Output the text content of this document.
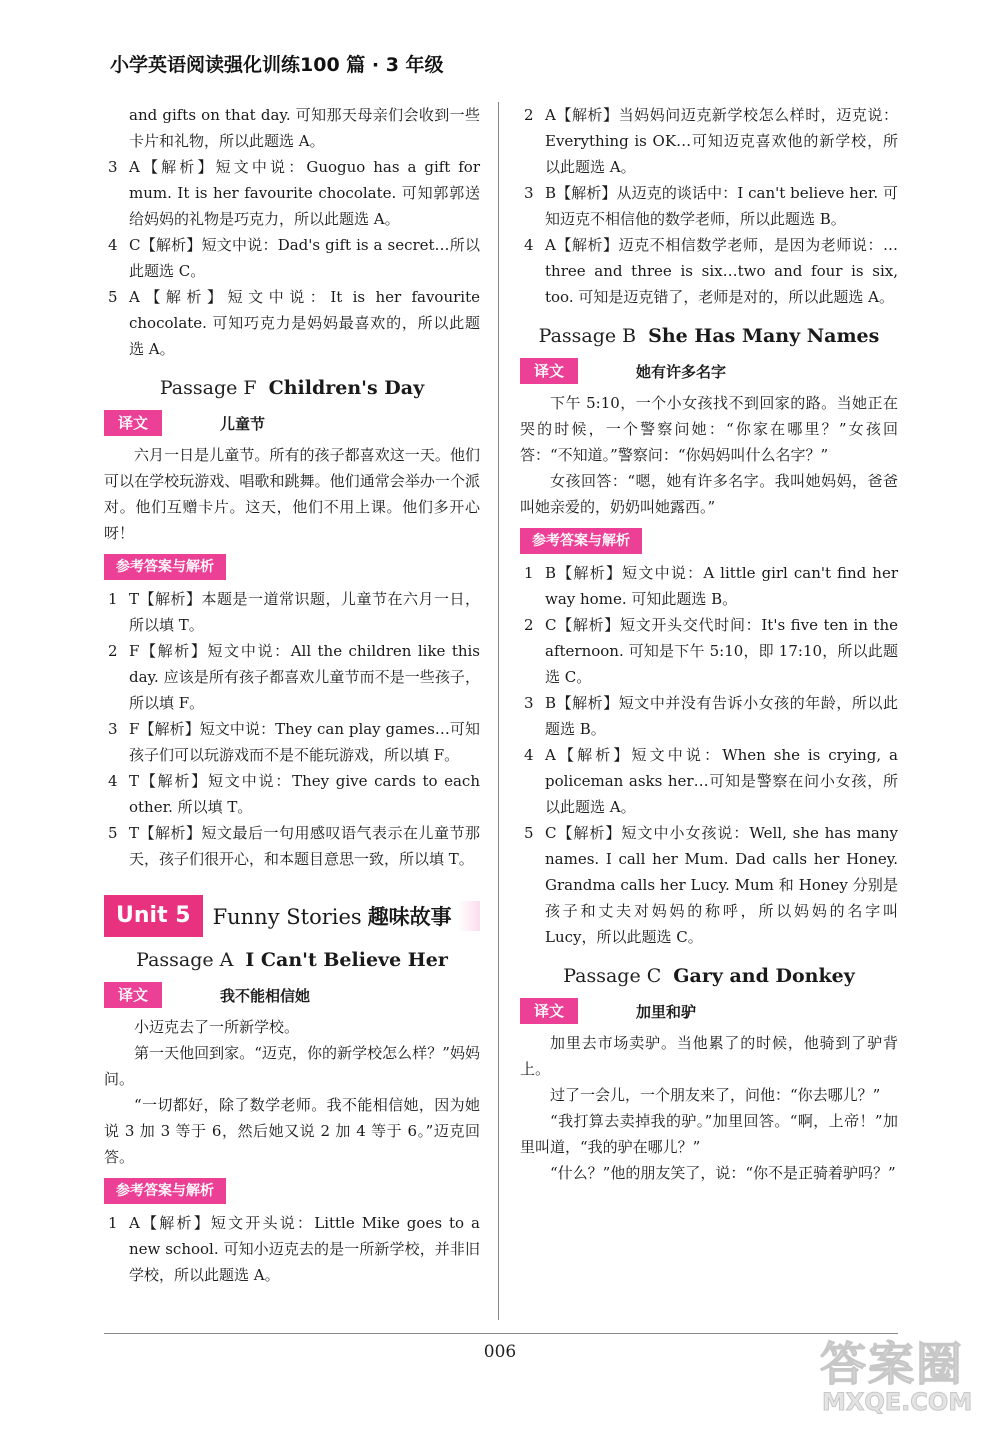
小学英语阅读强化训练100 篇 · 3 年级

and gifts on that day. 可知那天母亲们会收到一些卡片和礼物，所以此题选 A。

3 A【解析】短文中说：Guoguo has a gift for mum. It is her favourite chocolate. 可知郭郭送给妈妈的礼物是巧克力，所以此题选 A。

4 C【解析】短文中说：Dad's gift is a secret…所以此题选 C。

5 A【解析】短文中说：It is her favourite chocolate. 可知巧克力是妈妈最喜欢的，所以此题选 A。

Passage F Children's Day
译文	儿童节

六月一日是儿童节。所有的孩子都喜欢这一天。他们可以在学校玩游戏、唱歌和跳舞。他们通常会举办一个派对。他们互赠卡片。这天，他们不用上课。他们多开心呀！

参考答案与解析

1 T【解析】本题是一道常识题，儿童节在六月一日，所以填 T。

2 F【解析】短文中说：All the children like this day. 应该是所有孩子都喜欢儿童节而不是一些孩子，所以填 F。

3 F【解析】短文中说：They can play games…可知孩子们可以玩游戏而不是不能玩游戏，所以填 F。

4 T【解析】短文中说：They give cards to each other. 所以填 T。

5 T【解析】短文最后一句用感叹语气表示在儿童节那天，孩子们很开心，和本题目意思一致，所以填 T。

Unit 5	Funny Stories 趣味故事
Passage A I Can't Believe Her
译文	我不能相信她

小迈克去了一所新学校。

第一天他回到家。“迈克，你的新学校怎么样？”妈妈问。

“一切都好，除了数学老师。我不能相信她，因为她说 3 加 3 等于 6，然后她又说 2 加 4 等于 6。”迈克回答。

参考答案与解析

1 A【解析】短文开头说：Little Mike goes to a new school. 可知小迈克去的是一所新学校，并非旧学校，所以此题选 A。

2 A【解析】当妈妈问迈克新学校怎么样时，迈克说：Everything is OK…可知迈克喜欢他的新学校，所以此题选 A。

3 B【解析】从迈克的谈话中：I can't believe her. 可知迈克不相信他的数学老师，所以此题选 B。

4 A【解析】迈克不相信数学老师，是因为老师说：…three and three is six…two and four is six, too. 可知是迈克错了，老师是对的，所以此题选 A。

Passage B She Has Many Names
译文	她有许多名字

下午 5:10，一个小女孩找不到回家的路。当她正在哭的时候，一个警察问她：“你家在哪里？”女孩回答：“不知道。”警察问：“你妈妈叫什么名字？”

女孩回答：“嗯，她有许多名字。我叫她妈妈，爸爸叫她亲爱的，奶奶叫她露西。”

参考答案与解析

1 B【解析】短文中说：A little girl can't find her way home. 可知此题选 B。

2 C【解析】短文开头交代时间：It's five ten in the afternoon. 可知是下午 5:10，即 17:10，所以此题选 C。

3 B【解析】短文中并没有告诉小女孩的年龄，所以此题选 B。

4 A【解析】短文中说：When she is crying, a policeman asks her…可知是警察在问小女孩，所以此题选 A。

5 C【解析】短文中小女孩说：Well, she has many names. I call her Mum. Dad calls her Honey. Grandma calls her Lucy. Mum 和 Honey 分别是孩子和丈夫对妈妈的称呼，所以妈妈的名字叫 Lucy，所以此题选 C。

Passage C Gary and Donkey
译文	加里和驴

加里去市场卖驴。当他累了的时候，他骑到了驴背上。

过了一会儿，一个朋友来了，问他：“你去哪儿？”

“我打算去卖掉我的驴。”加里回答。“啊，上帝！”加里叫道，“我的驴在哪儿？”

“什么？”他的朋友笑了，说：“你不是正骑着驴吗？”

006	答案圈
MXQE.COM
